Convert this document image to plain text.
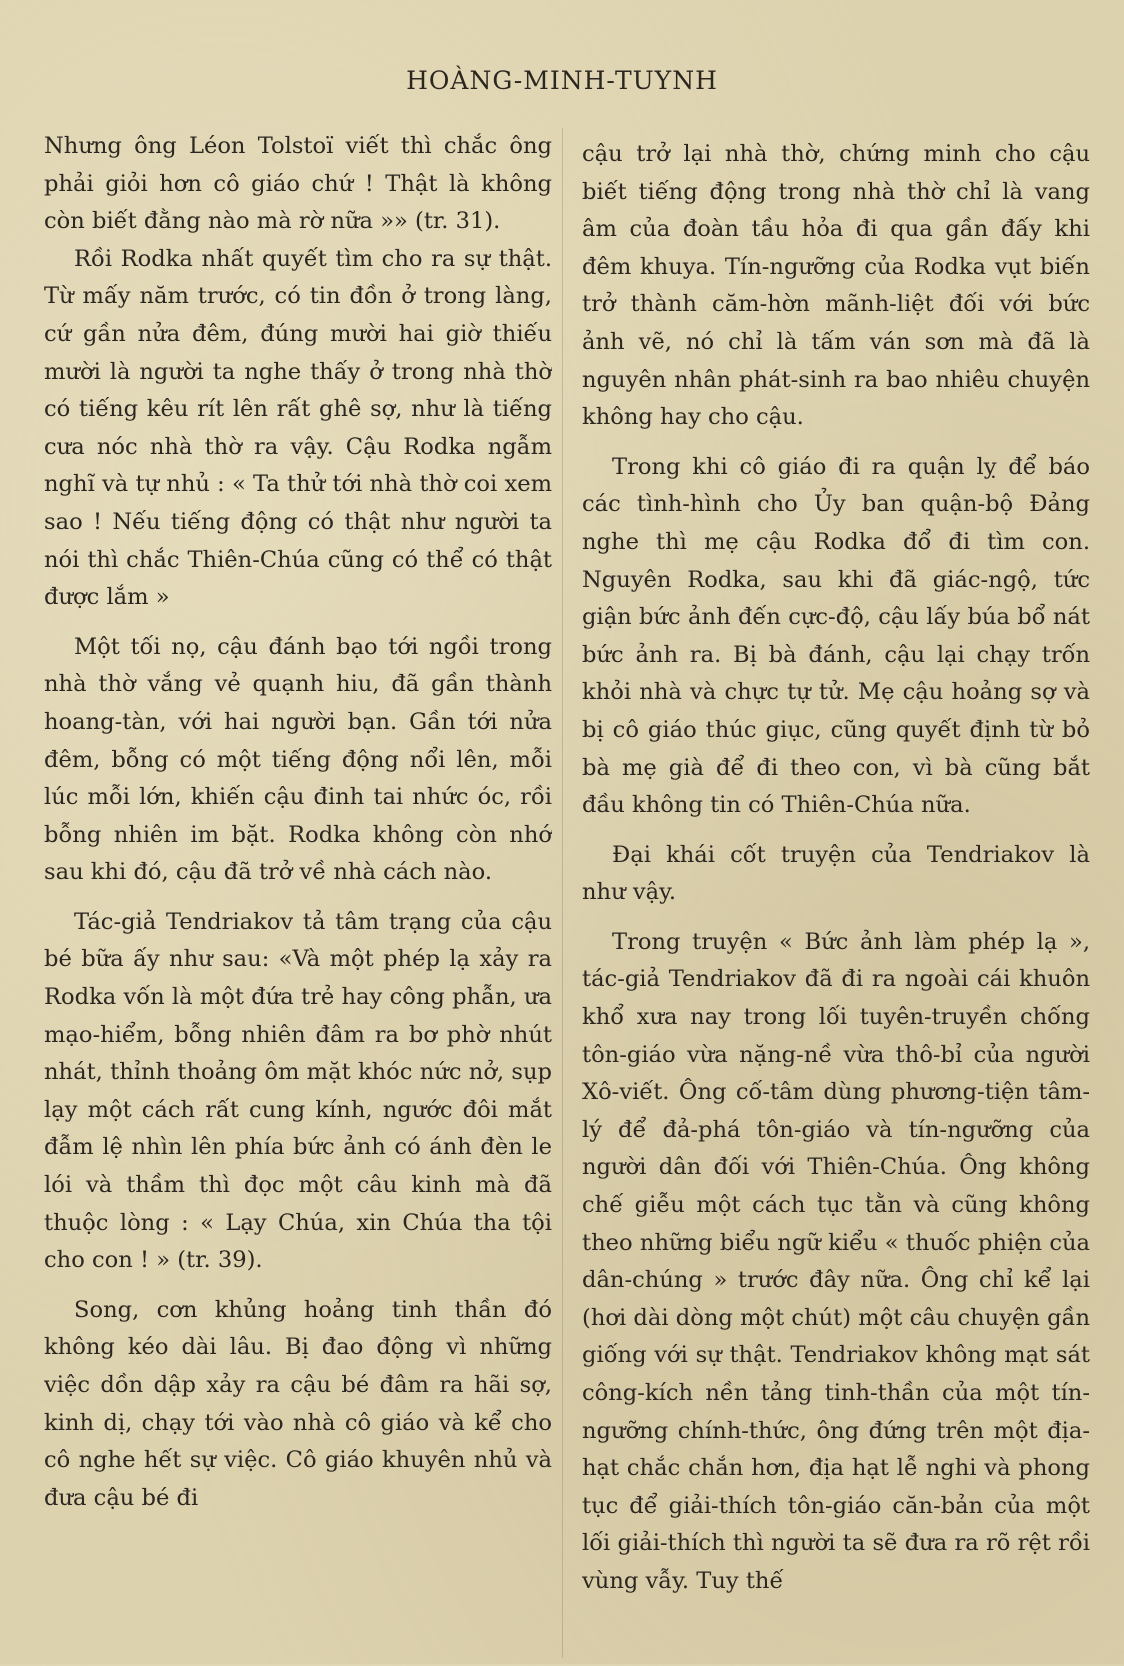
HOÀNG-MINH-TUYNH

Nhưng ông Léon Tolstoï viết thì chắc ông phải giỏi hơn cô giáo chứ ! Thật là không còn biết đằng nào mà rờ nữa »» (tr. 31).

Rồi Rodka nhất quyết tìm cho ra sự thật. Từ mấy năm trước, có tin đồn ở trong làng, cứ gần nửa đêm, đúng mười hai giờ thiếu mười là người ta nghe thấy ở trong nhà thờ có tiếng kêu rít lên rất ghê sợ, như là tiếng cưa nóc nhà thờ ra vậy. Cậu Rodka ngẫm nghĩ và tự nhủ : « Ta thử tới nhà thờ coi xem sao ! Nếu tiếng động có thật như người ta nói thì chắc Thiên-Chúa cũng có thể có thật được lắm »

Một tối nọ, cậu đánh bạo tới ngồi trong nhà thờ vắng vẻ quạnh hiu, đã gần thành hoang-tàn, với hai người bạn. Gần tới nửa đêm, bỗng có một tiếng động nổi lên, mỗi lúc mỗi lớn, khiến cậu đinh tai nhức óc, rồi bỗng nhiên im bặt. Rodka không còn nhớ sau khi đó, cậu đã trở về nhà cách nào.

Tác-giả Tendriakov tả tâm trạng của cậu bé bữa ấy như sau: «Và một phép lạ xảy ra Rodka vốn là một đứa trẻ hay công phẫn, ưa mạo-hiểm, bỗng nhiên đâm ra bơ phờ nhút nhát, thỉnh thoảng ôm mặt khóc nức nở, sụp lạy một cách rất cung kính, ngước đôi mắt đẫm lệ nhìn lên phía bức ảnh có ánh đèn le lói và thầm thì đọc một câu kinh mà đã thuộc lòng : « Lạy Chúa, xin Chúa tha tội cho con ! » (tr. 39).

Song, cơn khủng hoảng tinh thần đó không kéo dài lâu. Bị đao động vì những việc dồn dập xảy ra cậu bé đâm ra hãi sợ, kinh dị, chạy tới vào nhà cô giáo và kể cho cô nghe hết sự việc. Cô giáo khuyên nhủ và đưa cậu bé đi

cậu trở lại nhà thờ, chứng minh cho cậu biết tiếng động trong nhà thờ chỉ là vang âm của đoàn tầu hỏa đi qua gần đấy khi đêm khuya. Tín-ngưỡng của Rodka vụt biến trở thành căm-hờn mãnh-liệt đối với bức ảnh vẽ, nó chỉ là tấm ván sơn mà đã là nguyên nhân phát-sinh ra bao nhiêu chuyện không hay cho cậu.

Trong khi cô giáo đi ra quận lỵ để báo các tình-hình cho Ủy ban quận-bộ Đảng nghe thì mẹ cậu Rodka đổ đi tìm con. Nguyên Rodka, sau khi đã giác-ngộ, tức giận bức ảnh đến cực-độ, cậu lấy búa bổ nát bức ảnh ra. Bị bà đánh, cậu lại chạy trốn khỏi nhà và chực tự tử. Mẹ cậu hoảng sợ và bị cô giáo thúc giục, cũng quyết định từ bỏ bà mẹ già để đi theo con, vì bà cũng bắt đầu không tin có Thiên-Chúa nữa.

Đại khái cốt truyện của Tendriakov là như vậy.

Trong truyện « Bức ảnh làm phép lạ », tác-giả Tendriakov đã đi ra ngoài cái khuôn khổ xưa nay trong lối tuyên-truyền chống tôn-giáo vừa nặng-nề vừa thô-bỉ của người Xô-viết. Ông cố-tâm dùng phương-tiện tâm-lý để đả-phá tôn-giáo và tín-ngưỡng của người dân đối với Thiên-Chúa. Ông không chế giễu một cách tục tằn và cũng không theo những biểu ngữ kiểu « thuốc phiện của dân-chúng » trước đây nữa. Ông chỉ kể lại (hơi dài dòng một chút) một câu chuyện gần giống với sự thật. Tendriakov không mạt sát công-kích nền tảng tinh-thần của một tín-ngưỡng chính-thức, ông đứng trên một địa-hạt chắc chắn hơn, địa hạt lễ nghi và phong tục để giải-thích tôn-giáo căn-bản của một lối giải-thích thì người ta sẽ đưa ra rõ rệt rồi vùng vẫy. Tuy thế
